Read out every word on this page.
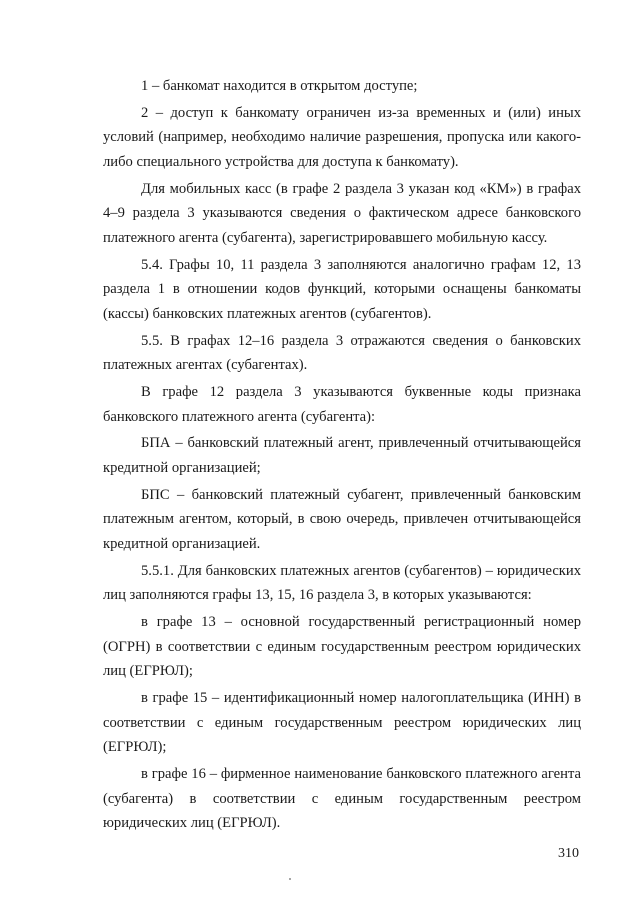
1 – банкомат находится в открытом доступе;

2 – доступ к банкомату ограничен из-за временных и (или) иных условий (например, необходимо наличие разрешения, пропуска или какого-либо специального устройства для доступа к банкомату).

Для мобильных касс (в графе 2 раздела 3 указан код «КМ») в графах 4–9 раздела 3 указываются сведения о фактическом адресе банковского платежного агента (субагента), зарегистрировавшего мобильную кассу.

5.4. Графы 10, 11 раздела 3 заполняются аналогично графам 12, 13 раздела 1 в отношении кодов функций, которыми оснащены банкоматы (кассы) банковских платежных агентов (субагентов).

5.5. В графах 12–16 раздела 3 отражаются сведения о банковских платежных агентах (субагентах).

В графе 12 раздела 3 указываются буквенные коды признака банковского платежного агента (субагента):

БПА – банковский платежный агент, привлеченный отчитывающейся кредитной организацией;

БПС – банковский платежный субагент, привлеченный банковским платежным агентом, который, в свою очередь, привлечен отчитывающейся кредитной организацией.

5.5.1. Для банковских платежных агентов (субагентов) – юридических лиц заполняются графы 13, 15, 16 раздела 3, в которых указываются:

в графе 13 – основной государственный регистрационный номер (ОГРН) в соответствии с единым государственным реестром юридических лиц (ЕГРЮЛ);

в графе 15 – идентификационный номер налогоплательщика (ИНН) в соответствии с единым государственным реестром юридических лиц (ЕГРЮЛ);

в графе 16 – фирменное наименование банковского платежного агента (субагента) в соответствии с единым государственным реестром юридических лиц (ЕГРЮЛ).

310
